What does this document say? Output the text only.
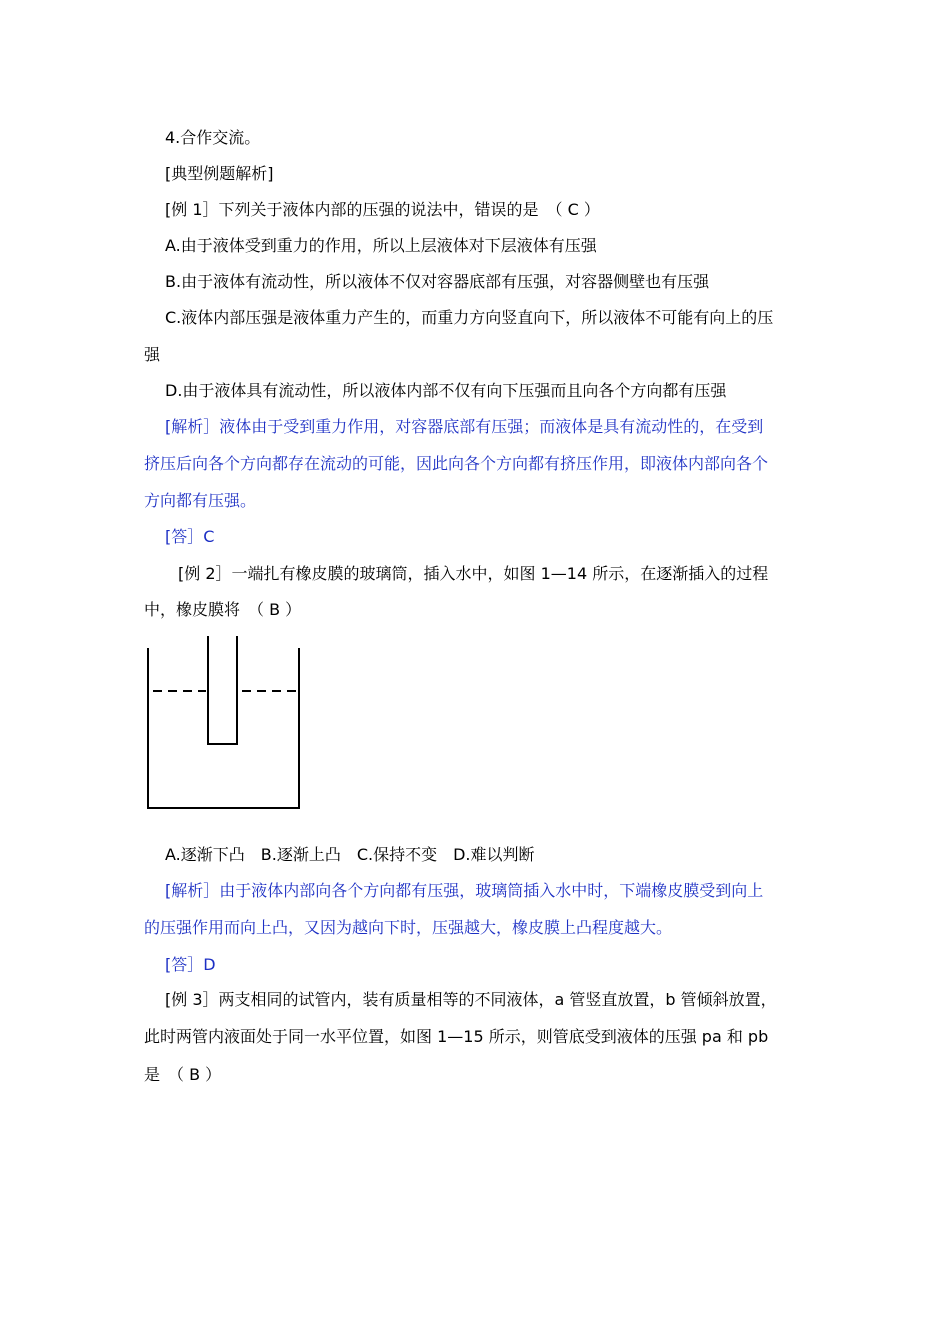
4.合作交流。
[典型例题解析]
[例 1］下列关于液体内部的压强的说法中，错误的是　（ C ）
A.由于液体受到重力的作用，所以上层液体对下层液体有压强
B.由于液体有流动性，所以液体不仅对容器底部有压强，对容器侧壁也有压强
C.液体内部压强是液体重力产生的，而重力方向竖直向下，所以液体不可能有向上的压
强
D.由于液体具有流动性，所以液体内部不仅有向下压强而且向各个方向都有压强
[解析］液体由于受到重力作用，对容器底部有压强；而液体是具有流动性的，在受到
挤压后向各个方向都存在流动的可能，因此向各个方向都有挤压作用，即液体内部向各个
方向都有压强。
[答］C
[例 2］一端扎有橡皮膜的玻璃筒，插入水中，如图 1—14 所示，在逐渐插入的过程
中，橡皮膜将　（ B ）
A.逐渐下凸　B.逐渐上凸　C.保持不变　D.难以判断
[解析］由于液体内部向各个方向都有压强，玻璃筒插入水中时，下端橡皮膜受到向上
的压强作用而向上凸，又因为越向下时，压强越大，橡皮膜上凸程度越大。
[答］D
[例 3］两支相同的试管内，装有质量相等的不同液体，a 管竖直放置，b 管倾斜放置，
此时两管内液面处于同一水平位置，如图 1—15 所示，则管底受到液体的压强 pa 和 pb
是　（ B ）
